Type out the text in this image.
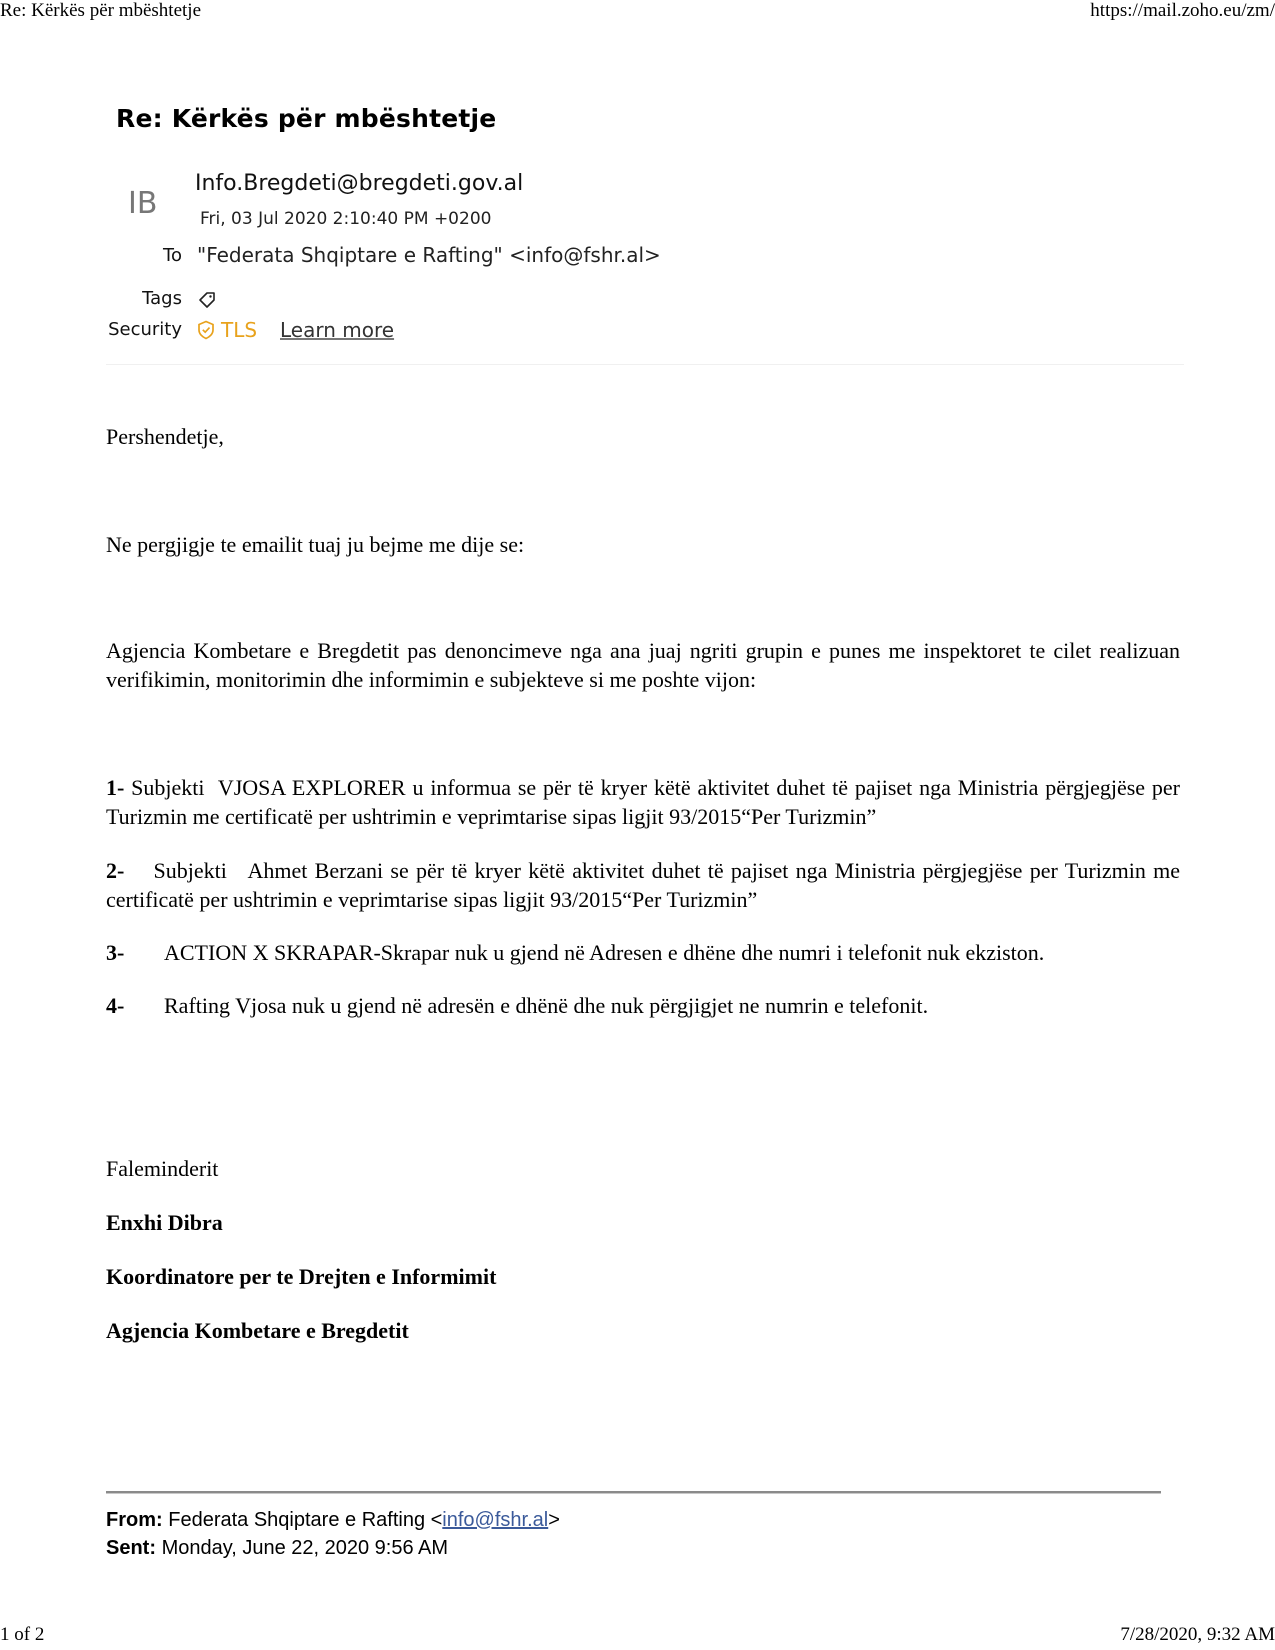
Re: Kërkës për mbështetje	https://mail.zoho.eu/zm/
Re: Kërkës për mbështetje
IB
Info.Bregdeti@bregdeti.gov.al
Fri, 03 Jul 2020 2:10:40 PM +0200
To "Federata Shqiptare e Rafting" <info@fshr.al>
Tags
Security TLS Learn more
Pershendetje,
Ne pergjigje te emailit tuaj ju bejme me dije se:
Agjencia Kombetare e Bregdetit pas denoncimeve nga ana juaj ngriti grupin e punes me inspektoret te cilet realizuan verifikimin, monitorimin dhe informimin e subjekteve si me poshte vijon:
1- Subjekti  VJOSA EXPLORER u informua se për të kryer këtë aktivitet duhet të pajiset nga Ministria përgjegjëse per Turizmin me certificatë per ushtrimin e veprimtarise sipas ligjit 93/2015“Per Turizmin”
2-    Subjekti   Ahmet Berzani se për të kryer këtë aktivitet duhet të pajiset nga Ministria përgjegjëse per Turizmin me certificatë per ushtrimin e veprimtarise sipas ligjit 93/2015“Per Turizmin”
3- ACTION X SKRAPAR-Skrapar nuk u gjend në Adresen e dhëne dhe numri i telefonit nuk ekziston.
4- Rafting Vjosa nuk u gjend në adresën e dhënë dhe nuk përgjigjet ne numrin e telefonit.
Faleminderit
Enxhi Dibra
Koordinatore per te Drejten e Informimit
Agjencia Kombetare e Bregdetit
From: Federata Shqiptare e Rafting <info@fshr.al>
Sent: Monday, June 22, 2020 9:56 AM
1 of 2	7/28/2020, 9:32 AM
